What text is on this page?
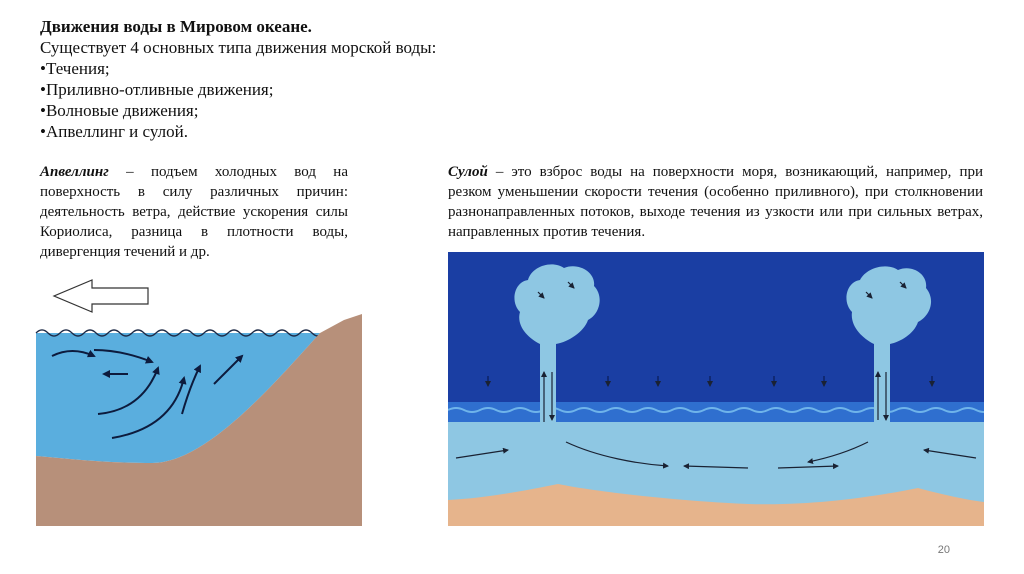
Движения воды в Мировом океане.
Существует 4 основных типа движения морской воды:
• Течения;
• Приливно-отливные движения;
• Волновые движения;
• Апвеллинг и сулой.
Апвеллинг – подъем холодных вод на поверхность в силу различных причин: деятельность ветра, действие ускорения силы Кориолиса, разница в плотности воды, дивергенция течений и др.
Сулой – это взброс воды на поверхности моря, возникающий, например, при резком уменьшении скорости течения (особенно приливного), при столкновении разнонаправленных потоков, выходе течения из узкости или при сильных ветрах, направленных против течения.
20
